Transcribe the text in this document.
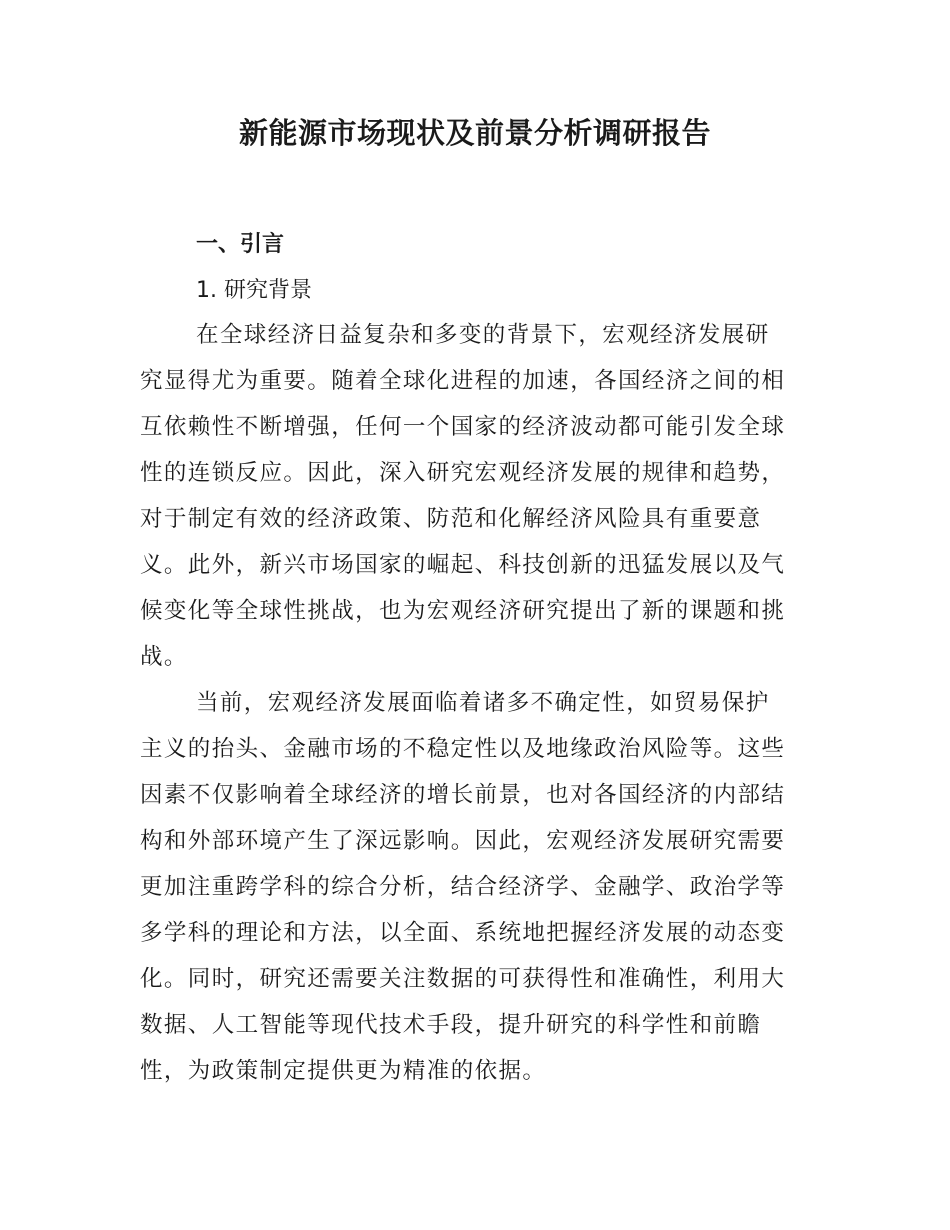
新能源市场现状及前景分析调研报告
一、引言
1. 研究背景
在全球经济日益复杂和多变的背景下，宏观经济发展研
究显得尤为重要。随着全球化进程的加速，各国经济之间的相
互依赖性不断增强，任何一个国家的经济波动都可能引发全球
性的连锁反应。因此，深入研究宏观经济发展的规律和趋势，
对于制定有效的经济政策、防范和化解经济风险具有重要意
义。此外，新兴市场国家的崛起、科技创新的迅猛发展以及气
候变化等全球性挑战，也为宏观经济研究提出了新的课题和挑
战。
当前，宏观经济发展面临着诸多不确定性，如贸易保护
主义的抬头、金融市场的不稳定性以及地缘政治风险等。这些
因素不仅影响着全球经济的增长前景，也对各国经济的内部结
构和外部环境产生了深远影响。因此，宏观经济发展研究需要
更加注重跨学科的综合分析，结合经济学、金融学、政治学等
多学科的理论和方法，以全面、系统地把握经济发展的动态变
化。同时，研究还需要关注数据的可获得性和准确性，利用大
数据、人工智能等现代技术手段，提升研究的科学性和前瞻
性，为政策制定提供更为精准的依据。
